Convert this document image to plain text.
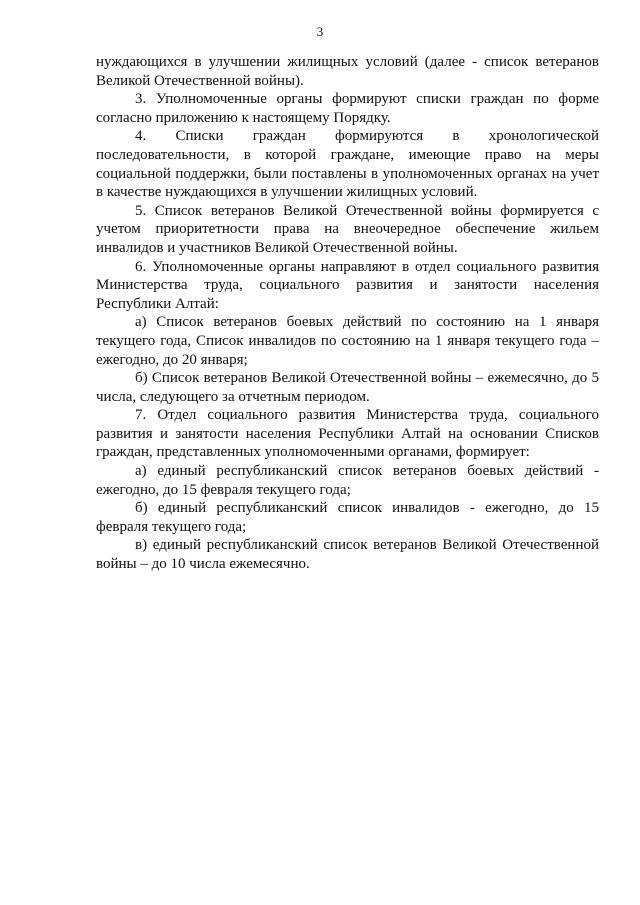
3

нуждающихся в улучшении жилищных условий (далее - список ветеранов Великой Отечественной войны).

3. Уполномоченные органы формируют списки граждан по форме согласно приложению к настоящему Порядку.

4. Списки граждан формируются в хронологической последовательности, в которой граждане, имеющие право на меры социальной поддержки, были поставлены в уполномоченных органах на учет в качестве нуждающихся в улучшении жилищных условий.

5. Список ветеранов Великой Отечественной войны формируется с учетом приоритетности права на внеочередное обеспечение жильем инвалидов и участников Великой Отечественной войны.

6. Уполномоченные органы направляют в отдел социального развития Министерства труда, социального развития и занятости населения Республики Алтай:

а) Список ветеранов боевых действий по состоянию на 1 января текущего года, Список инвалидов по состоянию на 1 января текущего года – ежегодно, до 20 января;

б) Список ветеранов Великой Отечественной войны – ежемесячно, до 5 числа, следующего за отчетным периодом.

7. Отдел социального развития Министерства труда, социального развития и занятости населения Республики Алтай на основании Списков граждан, представленных уполномоченными органами, формирует:

а) единый республиканский список ветеранов боевых действий - ежегодно, до 15 февраля текущего года;

б) единый республиканский список инвалидов - ежегодно, до 15 февраля текущего года;

в) единый республиканский список ветеранов Великой Отечественной войны – до 10 числа ежемесячно.
